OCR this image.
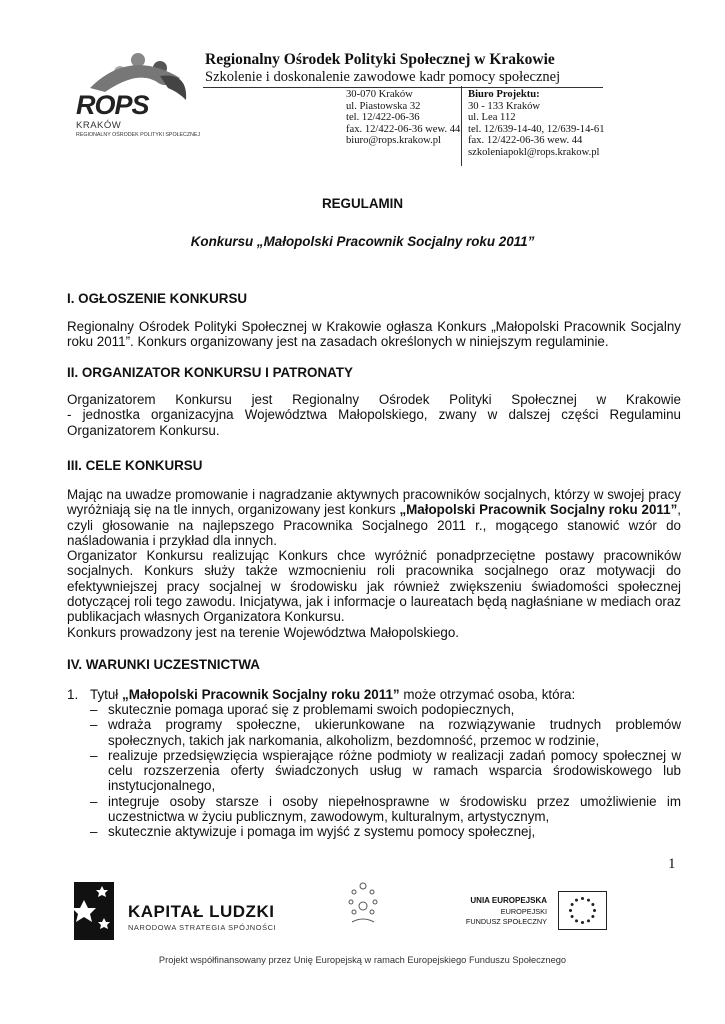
ROPS
KRAKÓW
REGIONALNY OŚRODEK POLITYKI SPOŁECZNEJ
Regionalny Ośrodek Polityki Społecznej w Krakowie
Szkolenie i doskonalenie zawodowe kadr pomocy społecznej
30-070 Kraków
ul. Piastowska 32
tel. 12/422-06-36
fax. 12/422-06-36 wew. 44
biuro@rops.krakow.pl
Biuro Projektu:
30 - 133 Kraków
ul. Lea 112
tel. 12/639-14-40, 12/639-14-61
fax. 12/422-06-36 wew. 44
szkoleniapokl@rops.krakow.pl
REGULAMIN
Konkursu „Małopolski Pracownik Socjalny roku 2011”
I. OGŁOSZENIE KONKURSU
Regionalny Ośrodek Polityki Społecznej w Krakowie ogłasza Konkurs „Małopolski Pracownik Socjalny roku 2011”. Konkurs organizowany jest na zasadach określonych w niniejszym regulaminie.
II. ORGANIZATOR KONKURSU I PATRONATY
Organizatorem Konkursu jest Regionalny Ośrodek Polityki Społecznej w Krakowie
- jednostka organizacyjna Województwa Małopolskiego, zwany w dalszej części Regulaminu
Organizatorem Konkursu.
III. CELE KONKURSU
Mając na uwadze promowanie i nagradzanie aktywnych pracowników socjalnych, którzy w swojej pracy wyróżniają się na tle innych, organizowany jest konkurs „Małopolski Pracownik Socjalny roku 2011”, czyli głosowanie na najlepszego Pracownika Socjalnego 2011 r., mogącego stanowić wzór do naśladowania i przykład dla innych.
Organizator Konkursu realizując Konkurs chce wyróżnić ponadprzeciętne postawy pracowników socjalnych. Konkurs służy także wzmocnieniu roli pracownika socjalnego oraz motywacji do efektywniejszej pracy socjalnej w środowisku jak również zwiększeniu świadomości społecznej dotyczącej roli tego zawodu. Inicjatywa, jak i informacje o laureatach będą nagłaśniane w mediach oraz publikacjach własnych Organizatora Konkursu.
Konkurs prowadzony jest na terenie Województwa Małopolskiego.
IV. WARUNKI UCZESTNICTWA
1. Tytuł „Małopolski Pracownik Socjalny roku 2011” może otrzymać osoba, która:
– skutecznie pomaga uporać się z problemami swoich podopiecznych,
– wdraża programy społeczne, ukierunkowane na rozwiązywanie trudnych problemów społecznych, takich jak narkomania, alkoholizm, bezdomność, przemoc w rodzinie,
– realizuje przedsięwzięcia wspierające różne podmioty w realizacji zadań pomocy społecznej w celu rozszerzenia oferty świadczonych usług w ramach wsparcia środowiskowego lub instytucjonalnego,
– integruje osoby starsze i osoby niepełnosprawne w środowisku przez umożliwienie im uczestnictwa w życiu publicznym, zawodowym, kulturalnym, artystycznym,
– skutecznie aktywizuje i pomaga im wyjść z systemu pomocy społecznej,
1
KAPITAŁ LUDZKI
NARODOWA STRATEGIA SPÓJNOŚCI
UNIA EUROPEJSKA
EUROPEJSKI
FUNDUSZ SPOŁECZNY
Projekt współfinansowany przez Unię Europejską w ramach Europejskiego Funduszu Społecznego
